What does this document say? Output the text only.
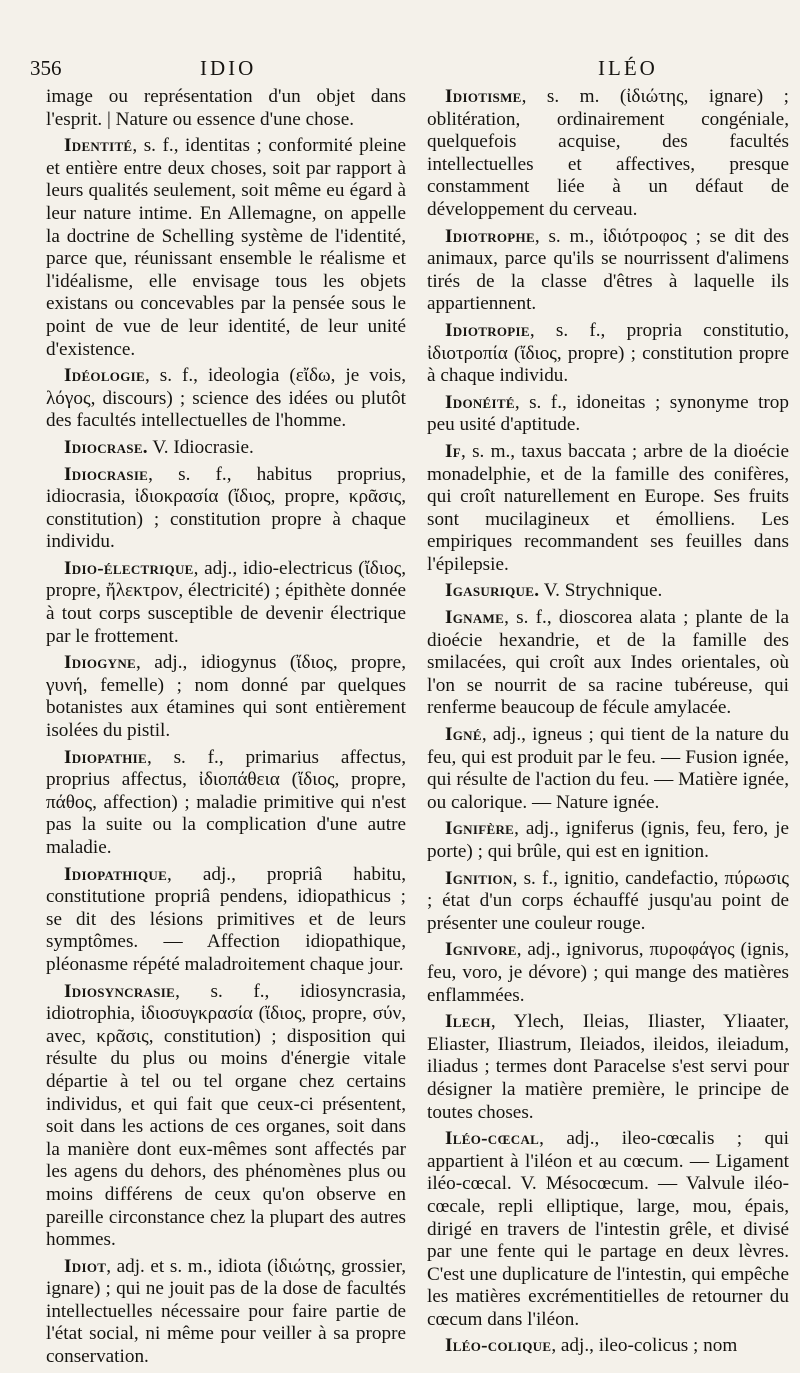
356	IDIO	ILÉO

image ou représentation d'un objet dans l'esprit. | Nature ou essence d'une chose.

Identité, s. f., identitas ; conformité pleine et entière entre deux choses, soit par rapport à leurs qualités seulement, soit même eu égard à leur nature intime. En Allemagne, on appelle la doctrine de Schelling système de l'identité, parce que, réunissant ensemble le réalisme et l'idéalisme, elle envisage tous les objets existans ou concevables par la pensée sous le point de vue de leur identité, de leur unité d'existence.

Idéologie, s. f., ideologia (εἴδω, je vois, λόγος, discours) ; science des idées ou plutôt des facultés intellectuelles de l'homme.

Idiocrase. V. Idiocrasie.

Idiocrasie, s. f., habitus proprius, idiocrasia, ἰδιοκρασία (ἴδιος, propre, κρᾶσις, constitution) ; constitution propre à chaque individu.

Idio-électrique, adj., idio-electricus (ἴδιος, propre, ἤλεκτρον, électricité) ; épithète donnée à tout corps susceptible de devenir électrique par le frottement.

Idiogyne, adj., idiogynus (ἴδιος, propre, γυνή, femelle) ; nom donné par quelques botanistes aux étamines qui sont entièrement isolées du pistil.

Idiopathie, s. f., primarius affectus, proprius affectus, ἰδιοπάθεια (ἴδιος, propre, πάθος, affection) ; maladie primitive qui n'est pas la suite ou la complication d'une autre maladie.

Idiopathique, adj., propriâ habitu, constitutione propriâ pendens, idiopathicus ; se dit des lésions primitives et de leurs symptômes. — Affection idiopathique, pléonasme répété maladroitement chaque jour.

Idiosyncrasie, s. f., idiosyncrasia, idiotrophia, ἰδιοσυγκρασία (ἴδιος, propre, σύν, avec, κρᾶσις, constitution) ; disposition qui résulte du plus ou moins d'énergie vitale départie à tel ou tel organe chez certains individus, et qui fait que ceux-ci présentent, soit dans les actions de ces organes, soit dans la manière dont eux-mêmes sont affectés par les agens du dehors, des phénomènes plus ou moins différens de ceux qu'on observe en pareille circonstance chez la plupart des autres hommes.

Idiot, adj. et s. m., idiota (ἰδιώτης, grossier, ignare) ; qui ne jouit pas de la dose de facultés intellectuelles nécessaire pour faire partie de l'état social, ni même pour veiller à sa propre conservation.

Idiotisme, s. m. (ἰδιώτης, ignare) ; oblitération, ordinairement congéniale, quelquefois acquise, des facultés intellectuelles et affectives, presque constamment liée à un défaut de développement du cerveau.

Idiotrophe, s. m., ἰδιότροφος ; se dit des animaux, parce qu'ils se nourrissent d'alimens tirés de la classe d'êtres à laquelle ils appartiennent.

Idiotropie, s. f., propria constitutio, ἰδιοτροπία (ἴδιος, propre) ; constitution propre à chaque individu.

Idonéité, s. f., idoneitas ; synonyme trop peu usité d'aptitude.

If, s. m., taxus baccata ; arbre de la dioécie monadelphie, et de la famille des conifères, qui croît naturellement en Europe. Ses fruits sont mucilagineux et émolliens. Les empiriques recommandent ses feuilles dans l'épilepsie.

Igasurique. V. Strychnique.

Igname, s. f., dioscorea alata ; plante de la dioécie hexandrie, et de la famille des smilacées, qui croît aux Indes orientales, où l'on se nourrit de sa racine tubéreuse, qui renferme beaucoup de fécule amylacée.

Igné, adj., igneus ; qui tient de la nature du feu, qui est produit par le feu. — Fusion ignée, qui résulte de l'action du feu. — Matière ignée, ou calorique. — Nature ignée.

Ignifère, adj., igniferus (ignis, feu, fero, je porte) ; qui brûle, qui est en ignition.

Ignition, s. f., ignitio, candefactio, πύρωσις ; état d'un corps échauffé jusqu'au point de présenter une couleur rouge.

Ignivore, adj., ignivorus, πυροφάγος (ignis, feu, voro, je dévore) ; qui mange des matières enflammées.

Ilech, Ylech, Ileias, Iliaster, Yliaater, Eliaster, Iliastrum, Ileiados, ileidos, ileiadum, iliadus ; termes dont Paracelse s'est servi pour désigner la matière première, le principe de toutes choses.

Iléo-cœcal, adj., ileo-cœcalis ; qui appartient à l'iléon et au cœcum. — Ligament iléo-cœcal. V. Mésocœcum. — Valvule iléo-cœcale, repli elliptique, large, mou, épais, dirigé en travers de l'intestin grêle, et divisé par une fente qui le partage en deux lèvres. C'est une duplicature de l'intestin, qui empêche les matières excrémentitielles de retourner du cœcum dans l'iléon.

Iléo-colique, adj., ileo-colicus ; nom
